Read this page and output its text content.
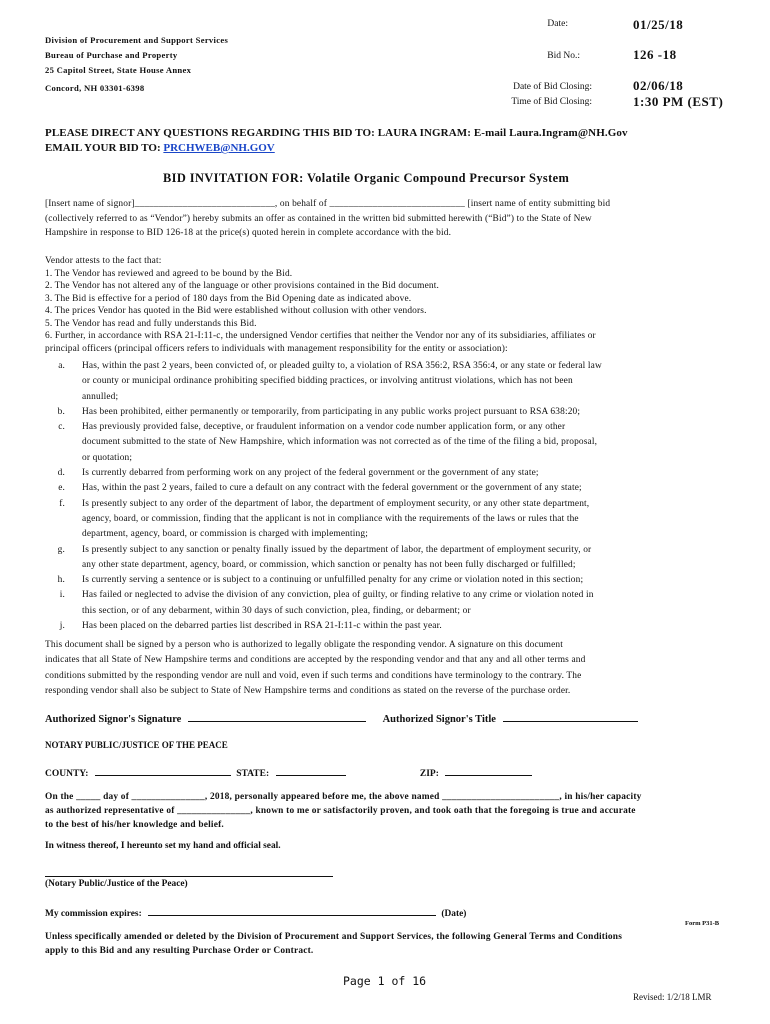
Division of Procurement and Support Services
Bureau of Purchase and Property
25 Capitol Street, State House Annex
Concord, NH 03301-6398
Date:	01/25/18
Bid No.:	126 -18
Date of Bid Closing:	02/06/18
Time of Bid Closing:	1:30 PM (EST)
PLEASE DIRECT ANY QUESTIONS REGARDING THIS BID TO: LAURA INGRAM: E-mail Laura.Ingram@NH.Gov
EMAIL YOUR BID TO: PRCHWEB@NH.GOV
BID INVITATION FOR: Volatile Organic Compound Precursor System
[Insert name of signor]_____________________________, on behalf of ____________________________ [insert name of entity submitting bid
(collectively referred to as “Vendor”) hereby submits an offer as contained in the written bid submitted herewith (“Bid”) to the State of New
Hampshire in response to BID 126-18 at the price(s) quoted herein in complete accordance with the bid.
Vendor attests to the fact that:
1. The Vendor has reviewed and agreed to be bound by the Bid.
2. The Vendor has not altered any of the language or other provisions contained in the Bid document.
3. The Bid is effective for a period of 180 days from the Bid Opening date as indicated above.
4. The prices Vendor has quoted in the Bid were established without collusion with other vendors.
5. The Vendor has read and fully understands this Bid.
6. Further, in accordance with RSA 21-I:11-c, the undersigned Vendor certifies that neither the Vendor nor any of its subsidiaries, affiliates or
principal officers (principal officers refers to individuals with management responsibility for the entity or association):
a. Has, within the past 2 years, been convicted of, or pleaded guilty to, a violation of RSA 356:2, RSA 356:4, or any state or federal law
or county or municipal ordinance prohibiting specified bidding practices, or involving antitrust violations, which has not been
annulled;
b. Has been prohibited, either permanently or temporarily, from participating in any public works project pursuant to RSA 638:20;
c. Has previously provided false, deceptive, or fraudulent information on a vendor code number application form, or any other
document submitted to the state of New Hampshire, which information was not corrected as of the time of the filing a bid, proposal,
or quotation;
d. Is currently debarred from performing work on any project of the federal government or the government of any state;
e. Has, within the past 2 years, failed to cure a default on any contract with the federal government or the government of any state;
f. Is presently subject to any order of the department of labor, the department of employment security, or any other state department,
agency, board, or commission, finding that the applicant is not in compliance with the requirements of the laws or rules that the
department, agency, board, or commission is charged with implementing;
g. Is presently subject to any sanction or penalty finally issued by the department of labor, the department of employment security, or
any other state department, agency, board, or commission, which sanction or penalty has not been fully discharged or fulfilled;
h. Is currently serving a sentence or is subject to a continuing or unfulfilled penalty for any crime or violation noted in this section;
i. Has failed or neglected to advise the division of any conviction, plea of guilty, or finding relative to any crime or violation noted in
this section, or of any debarment, within 30 days of such conviction, plea, finding, or debarment; or
j. Has been placed on the debarred parties list described in RSA 21-I:11-c within the past year.
This document shall be signed by a person who is authorized to legally obligate the responding vendor. A signature on this document
indicates that all State of New Hampshire terms and conditions are accepted by the responding vendor and that any and all other terms and
conditions submitted by the responding vendor are null and void, even if such terms and conditions have terminology to the contrary. The
responding vendor shall also be subject to State of New Hampshire terms and conditions as stated on the reverse of the purchase order.
Authorized Signor's Signature	Authorized Signor's Title
NOTARY PUBLIC/JUSTICE OF THE PEACE
COUNTY:	STATE:	ZIP:
On the _____ day of _______________, 2018, personally appeared before me, the above named ________________________, in his/her capacity
as authorized representative of _______________, known to me or satisfactorily proven, and took oath that the foregoing is true and accurate
to the best of his/her knowledge and belief.
In witness thereof, I hereunto set my hand and official seal.
(Notary Public/Justice of the Peace)
My commission expires:	(Date)
Form P31-B
Unless specifically amended or deleted by the Division of Procurement and Support Services, the following General Terms and Conditions
apply to this Bid and any resulting Purchase Order or Contract.
Page 1 of 16
Revised: 1/2/18 LMR
